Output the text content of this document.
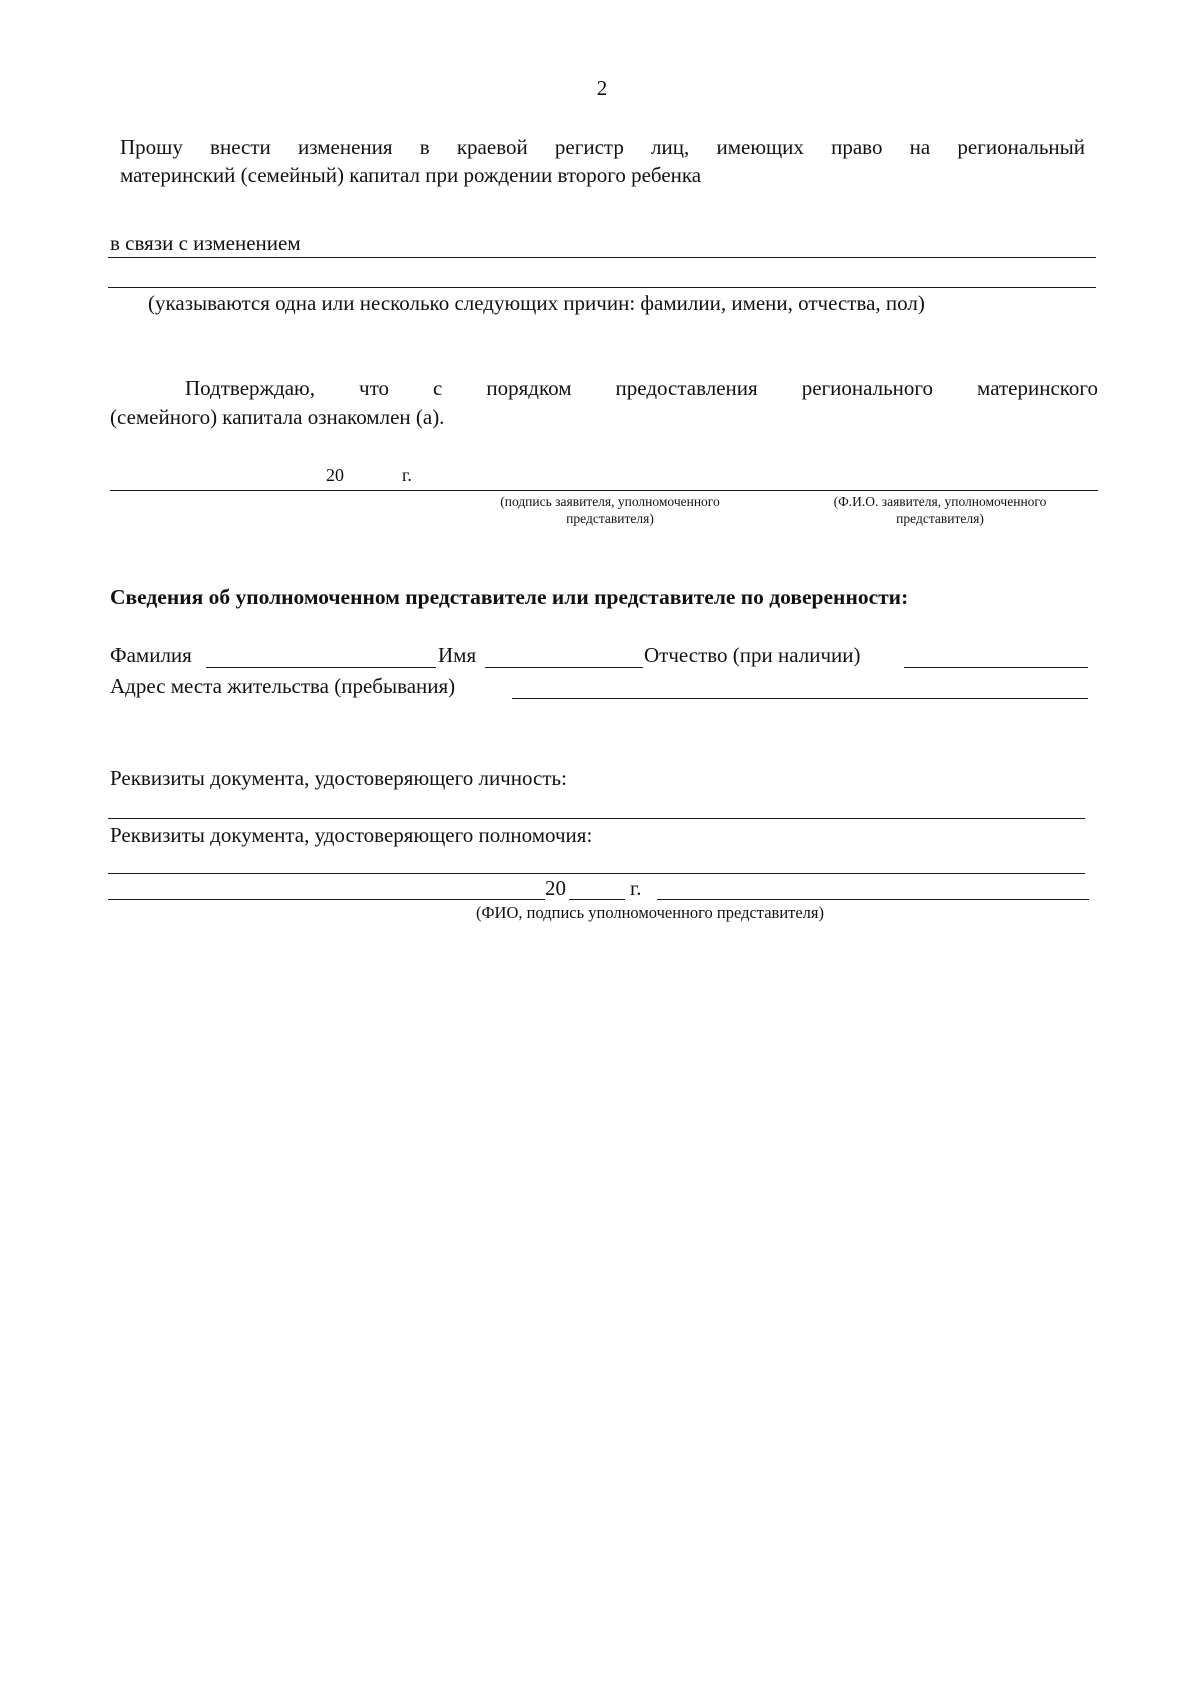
2
Прошу внести изменения в краевой регистр лиц, имеющих право на региональный
материнский (семейный) капитал при рождении второго ребенка
в связи с изменением
(указываются одна или несколько следующих причин: фамилии, имени, отчества, пол)
Подтверждаю, что с порядком предоставления регионального материнского
(семейного) капитала ознакомлен (а).
20	г.
(подпись заявителя, уполномоченного
представителя)
(Ф.И.О. заявителя, уполномоченного
представителя)
Сведения об уполномоченном представителе или представителе по доверенности:
Фамилия	Имя	Отчество (при наличии)
Адрес места жительства (пребывания)
Реквизиты документа, удостоверяющего личность:
Реквизиты документа, удостоверяющего полномочия:
20	г.
(ФИО, подпись уполномоченного представителя)
